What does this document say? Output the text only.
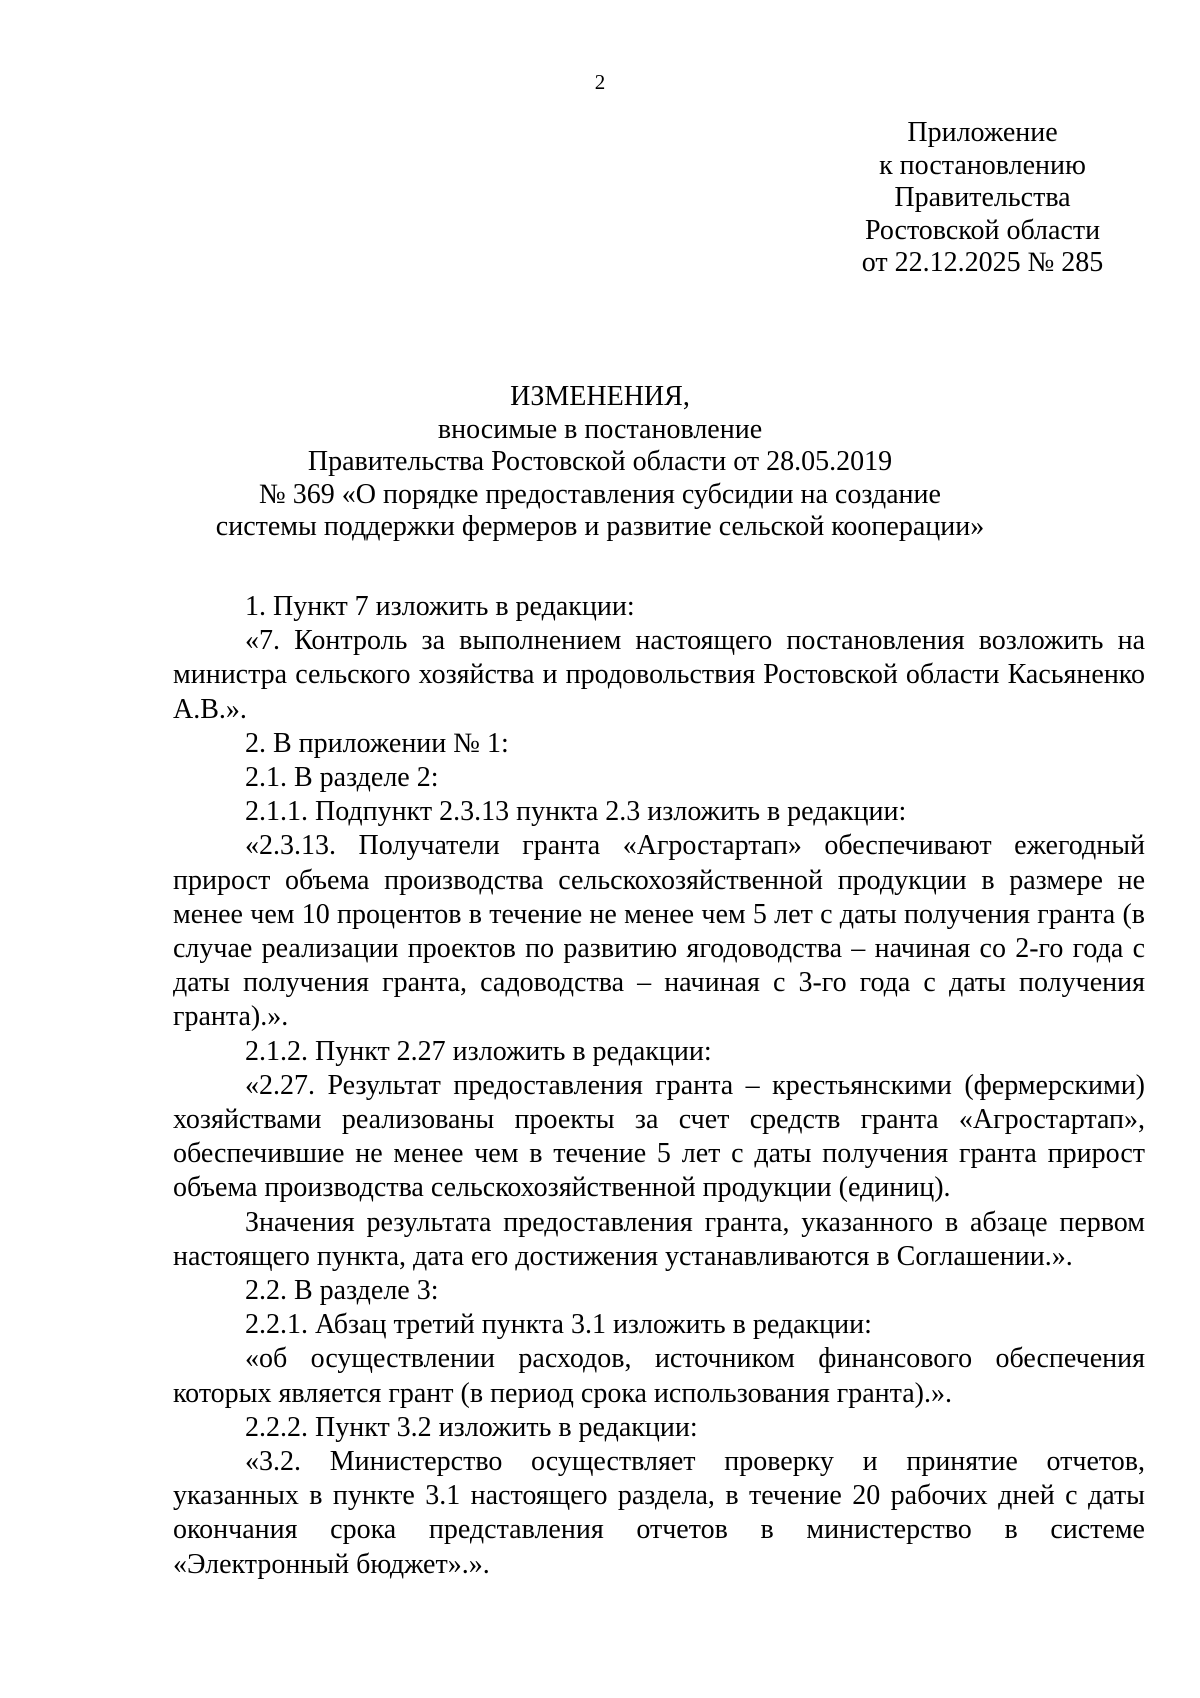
2
Приложение
к постановлению
Правительства
Ростовской области
от 22.12.2025 № 285
ИЗМЕНЕНИЯ,
вносимые в постановление
Правительства Ростовской области от 28.05.2019
№ 369 «О порядке предоставления субсидии на создание
системы поддержки фермеров и развитие сельской кооперации»

1. Пункт 7 изложить в редакции:

«7. Контроль за выполнением настоящего постановления возложить на министра сельского хозяйства и продовольствия Ростовской области Касьяненко А.В.».

2. В приложении № 1:

2.1. В разделе 2:

2.1.1. Подпункт 2.3.13 пункта 2.3 изложить в редакции:

«2.3.13. Получатели гранта «Агростартап» обеспечивают ежегодный прирост объема производства сельскохозяйственной продукции в размере не менее чем 10 процентов в течение не менее чем 5 лет с даты получения гранта (в случае реализации проектов по развитию ягодоводства – начиная со 2-го года с даты получения гранта, садоводства – начиная с 3-го года с даты получения гранта).».

2.1.2. Пункт 2.27 изложить в редакции:

«2.27. Результат предоставления гранта – крестьянскими (фермерскими) хозяйствами реализованы проекты за счет средств гранта «Агростартап», обеспечившие не менее чем в течение 5 лет с даты получения гранта прирост объема производства сельскохозяйственной продукции (единиц).

Значения результата предоставления гранта, указанного в абзаце первом настоящего пункта, дата его достижения устанавливаются в Соглашении.».

2.2. В разделе 3:

2.2.1. Абзац третий пункта 3.1 изложить в редакции:

«об осуществлении расходов, источником финансового обеспечения которых является грант (в период срока использования гранта).».

2.2.2. Пункт 3.2 изложить в редакции:

«3.2. Министерство осуществляет проверку и принятие отчетов, указанных в пункте 3.1 настоящего раздела, в течение 20 рабочих дней с даты окончания срока представления отчетов в министерство в системе «Электронный бюджет».».
